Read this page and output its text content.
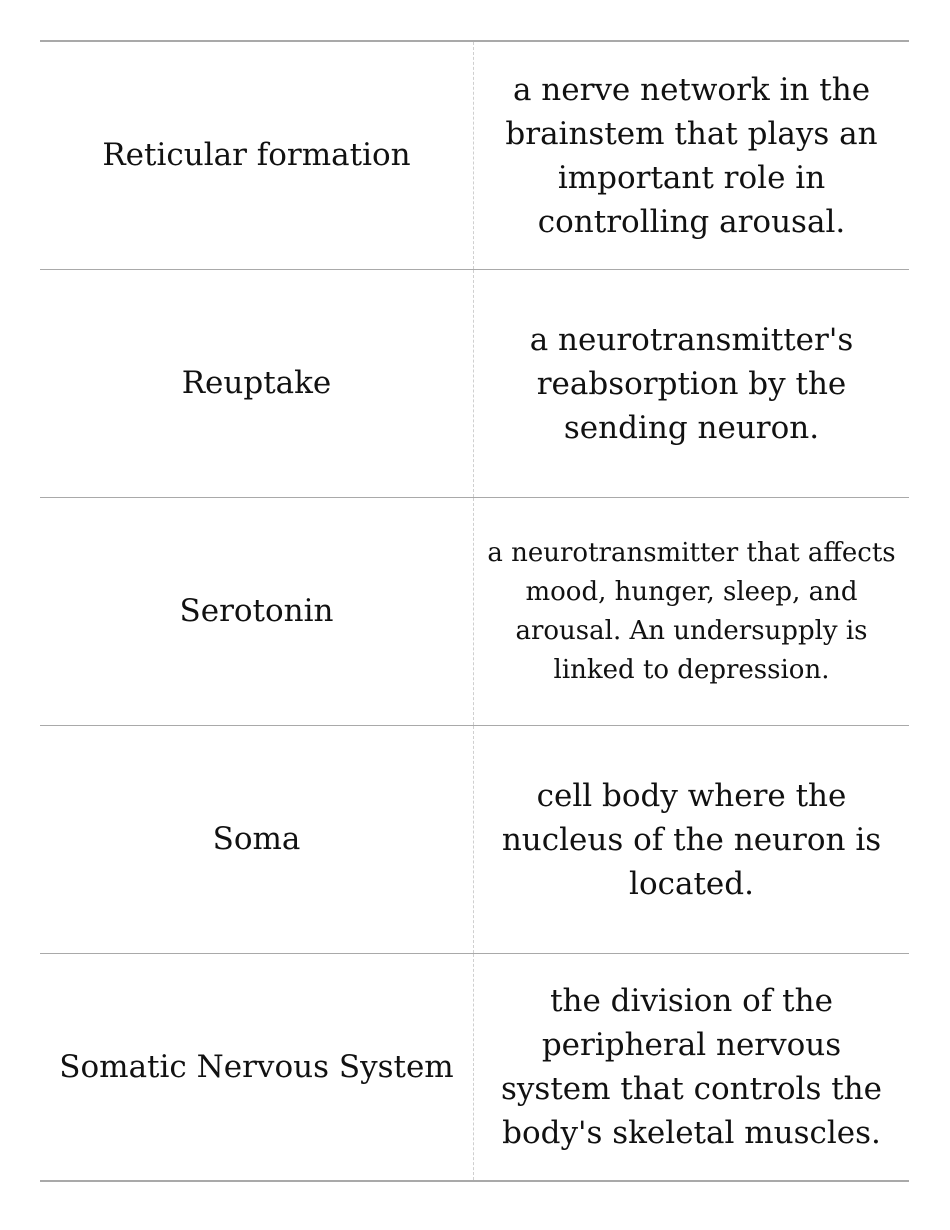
Reticular formation
a nerve network in the brainstem that plays an important role in controlling arousal.
Reuptake
a neurotransmitter's reabsorption by the sending neuron.
Serotonin
a neurotransmitter that affects mood, hunger, sleep, and arousal. An undersupply is linked to depression.
Soma
cell body where the nucleus of the neuron is located.
Somatic Nervous System
the division of the peripheral nervous system that controls the body's skeletal muscles.
